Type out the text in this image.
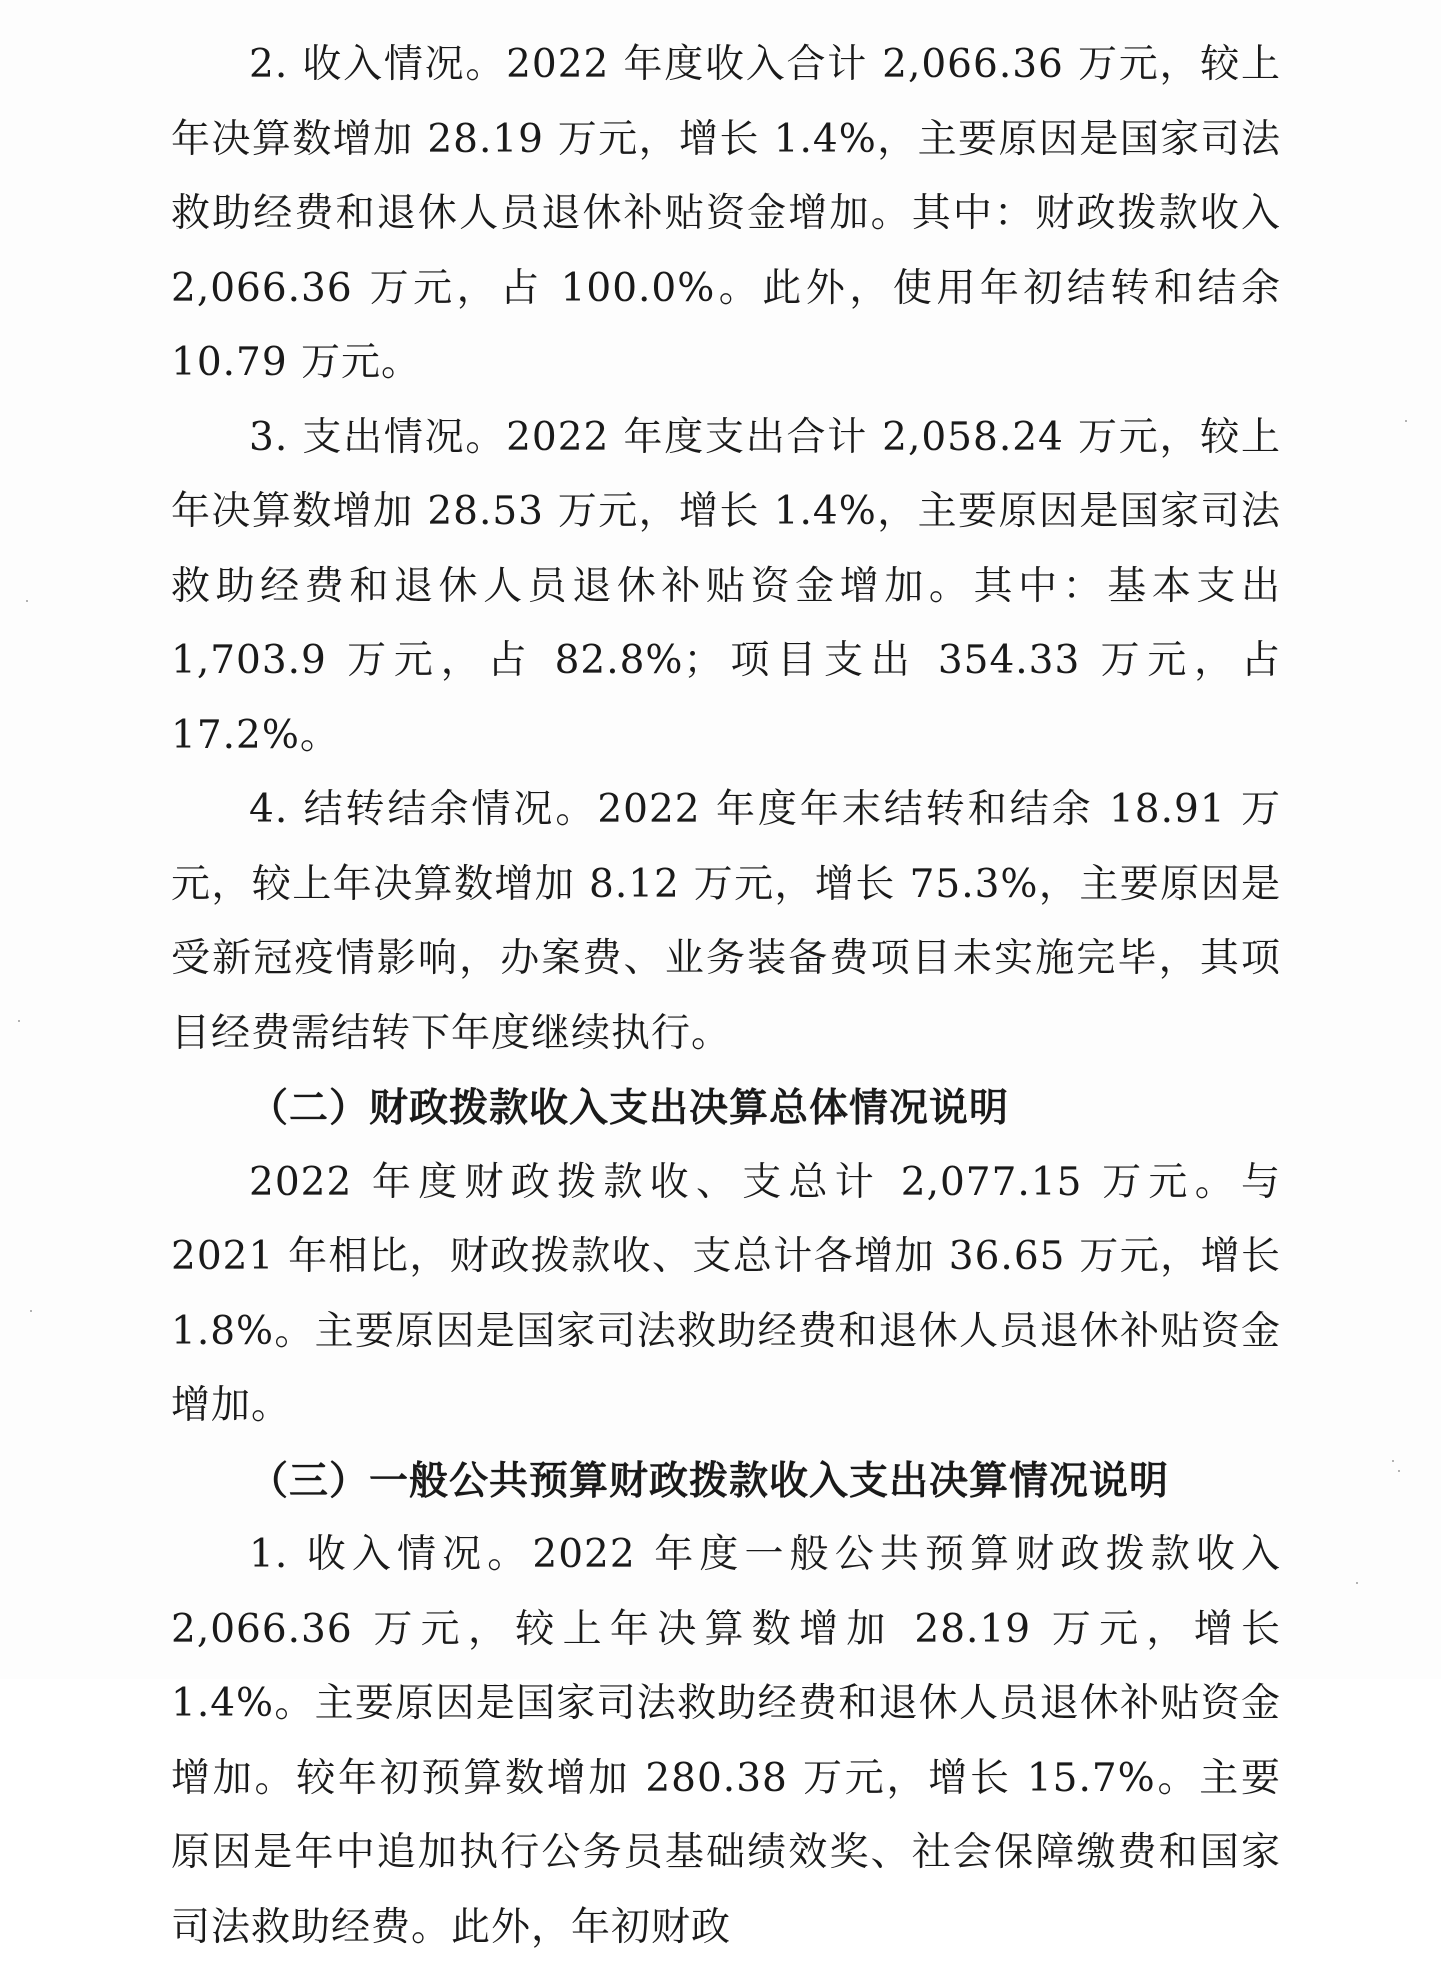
2. 收入情况。2022 年度收入合计 2,066.36 万元，较上年决算数增加 28.19 万元，增长 1.4%，主要原因是国家司法救助经费和退休人员退休补贴资金增加。其中：财政拨款收入 2,066.36 万元，占 100.0%。此外，使用年初结转和结余 10.79 万元。

3. 支出情况。2022 年度支出合计 2,058.24 万元，较上年决算数增加 28.53 万元，增长 1.4%，主要原因是国家司法救助经费和退休人员退休补贴资金增加。其中：基本支出 1,703.9 万元，占 82.8%；项目支出 354.33 万元，占 17.2%。

4. 结转结余情况。2022 年度年末结转和结余 18.91 万元，较上年决算数增加 8.12 万元，增长 75.3%，主要原因是受新冠疫情影响，办案费、业务装备费项目未实施完毕，其项目经费需结转下年度继续执行。

（二）财政拨款收入支出决算总体情况说明

2022 年度财政拨款收、支总计 2,077.15 万元。与 2021 年相比，财政拨款收、支总计各增加 36.65 万元，增长 1.8%。主要原因是国家司法救助经费和退休人员退休补贴资金增加。

（三）一般公共预算财政拨款收入支出决算情况说明

1. 收入情况。2022 年度一般公共预算财政拨款收入 2,066.36 万元，较上年决算数增加 28.19 万元，增长 1.4%。主要原因是国家司法救助经费和退休人员退休补贴资金增加。较年初预算数增加 280.38 万元，增长 15.7%。主要原因是年中追加执行公务员基础绩效奖、社会保障缴费和国家司法救助经费。此外，年初财政
